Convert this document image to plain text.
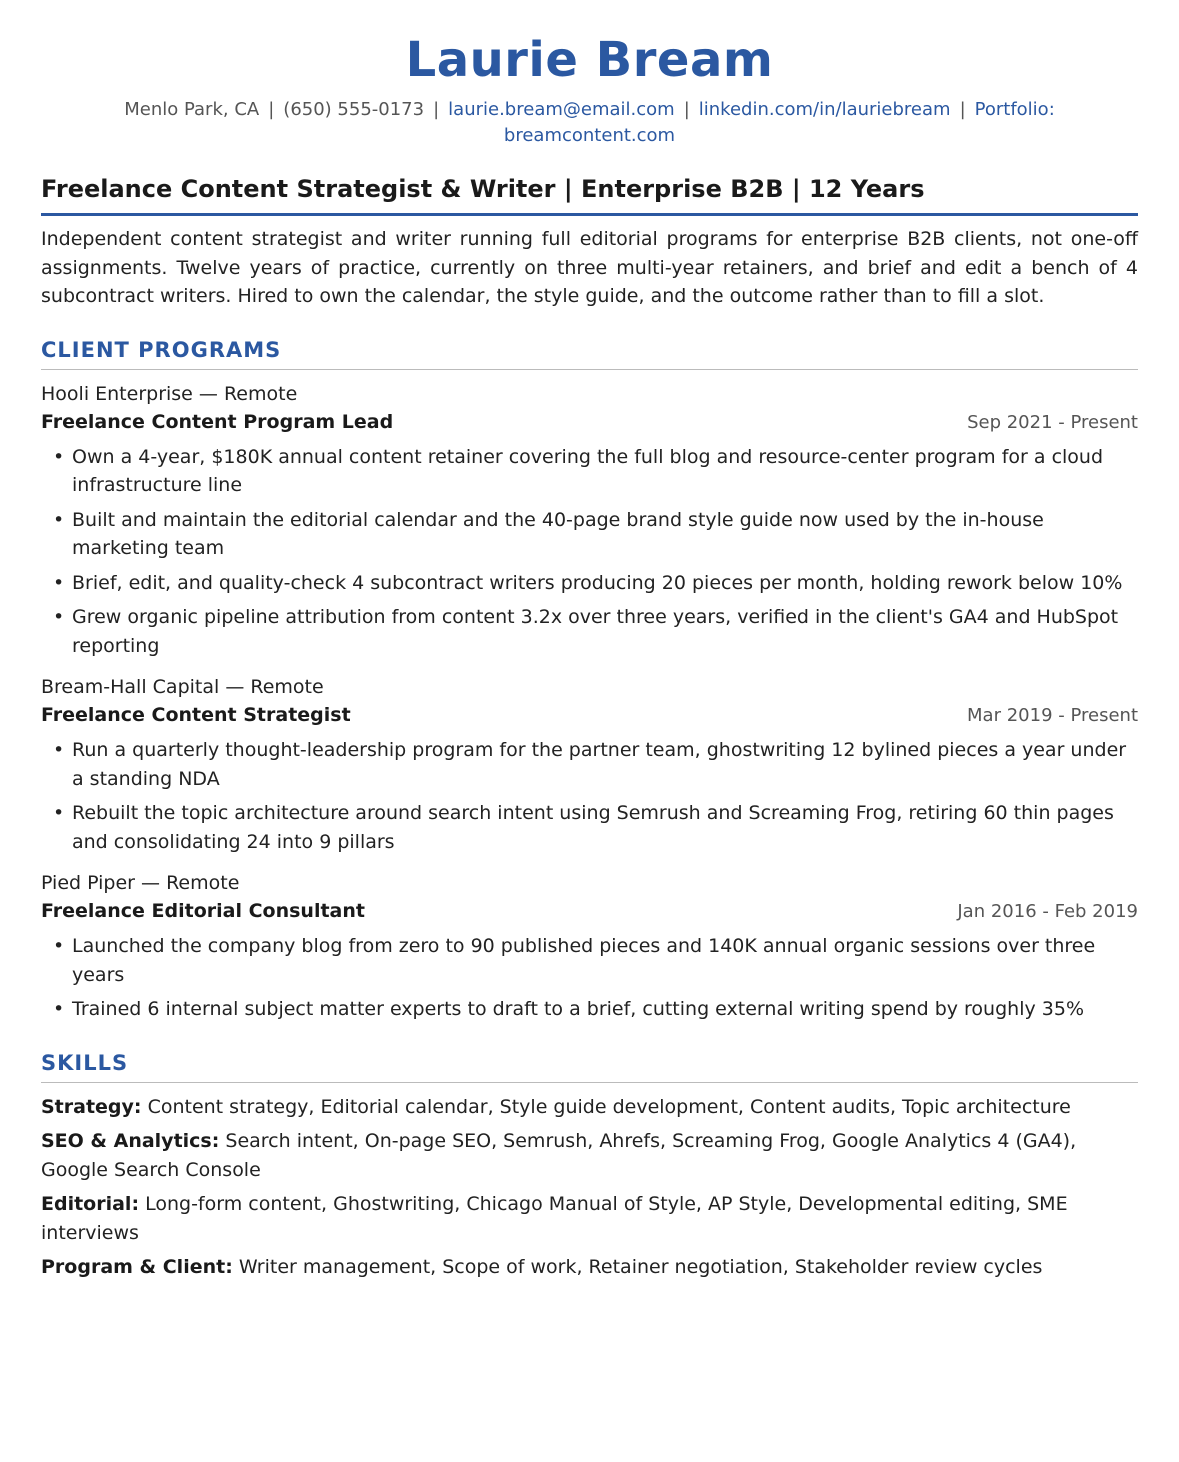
Laurie Bream
Menlo Park, CA | (650) 555-0173 | laurie.bream@email.com | linkedin.com/in/lauriebream | Portfolio: breamcontent.com
Freelance Content Strategist & Writer | Enterprise B2B | 12 Years
Independent content strategist and writer running full editorial programs for enterprise B2B clients, not one-off assignments. Twelve years of practice, currently on three multi-year retainers, and brief and edit a bench of 4 subcontract writers. Hired to own the calendar, the style guide, and the outcome rather than to fill a slot.
CLIENT PROGRAMS
Hooli Enterprise — Remote
Freelance Content Program Lead	Sep 2021 - Present
• Own a 4-year, $180K annual content retainer covering the full blog and resource-center program for a cloud infrastructure line
• Built and maintain the editorial calendar and the 40-page brand style guide now used by the in-house marketing team
• Brief, edit, and quality-check 4 subcontract writers producing 20 pieces per month, holding rework below 10%
• Grew organic pipeline attribution from content 3.2x over three years, verified in the client's GA4 and HubSpot reporting
Bream-Hall Capital — Remote
Freelance Content Strategist	Mar 2019 - Present
• Run a quarterly thought-leadership program for the partner team, ghostwriting 12 bylined pieces a year under a standing NDA
• Rebuilt the topic architecture around search intent using Semrush and Screaming Frog, retiring 60 thin pages and consolidating 24 into 9 pillars
Pied Piper — Remote
Freelance Editorial Consultant	Jan 2016 - Feb 2019
• Launched the company blog from zero to 90 published pieces and 140K annual organic sessions over three years
• Trained 6 internal subject matter experts to draft to a brief, cutting external writing spend by roughly 35%
SKILLS
Strategy: Content strategy, Editorial calendar, Style guide development, Content audits, Topic architecture
SEO & Analytics: Search intent, On-page SEO, Semrush, Ahrefs, Screaming Frog, Google Analytics 4 (GA4), Google Search Console
Editorial: Long-form content, Ghostwriting, Chicago Manual of Style, AP Style, Developmental editing, SME interviews
Program & Client: Writer management, Scope of work, Retainer negotiation, Stakeholder review cycles
